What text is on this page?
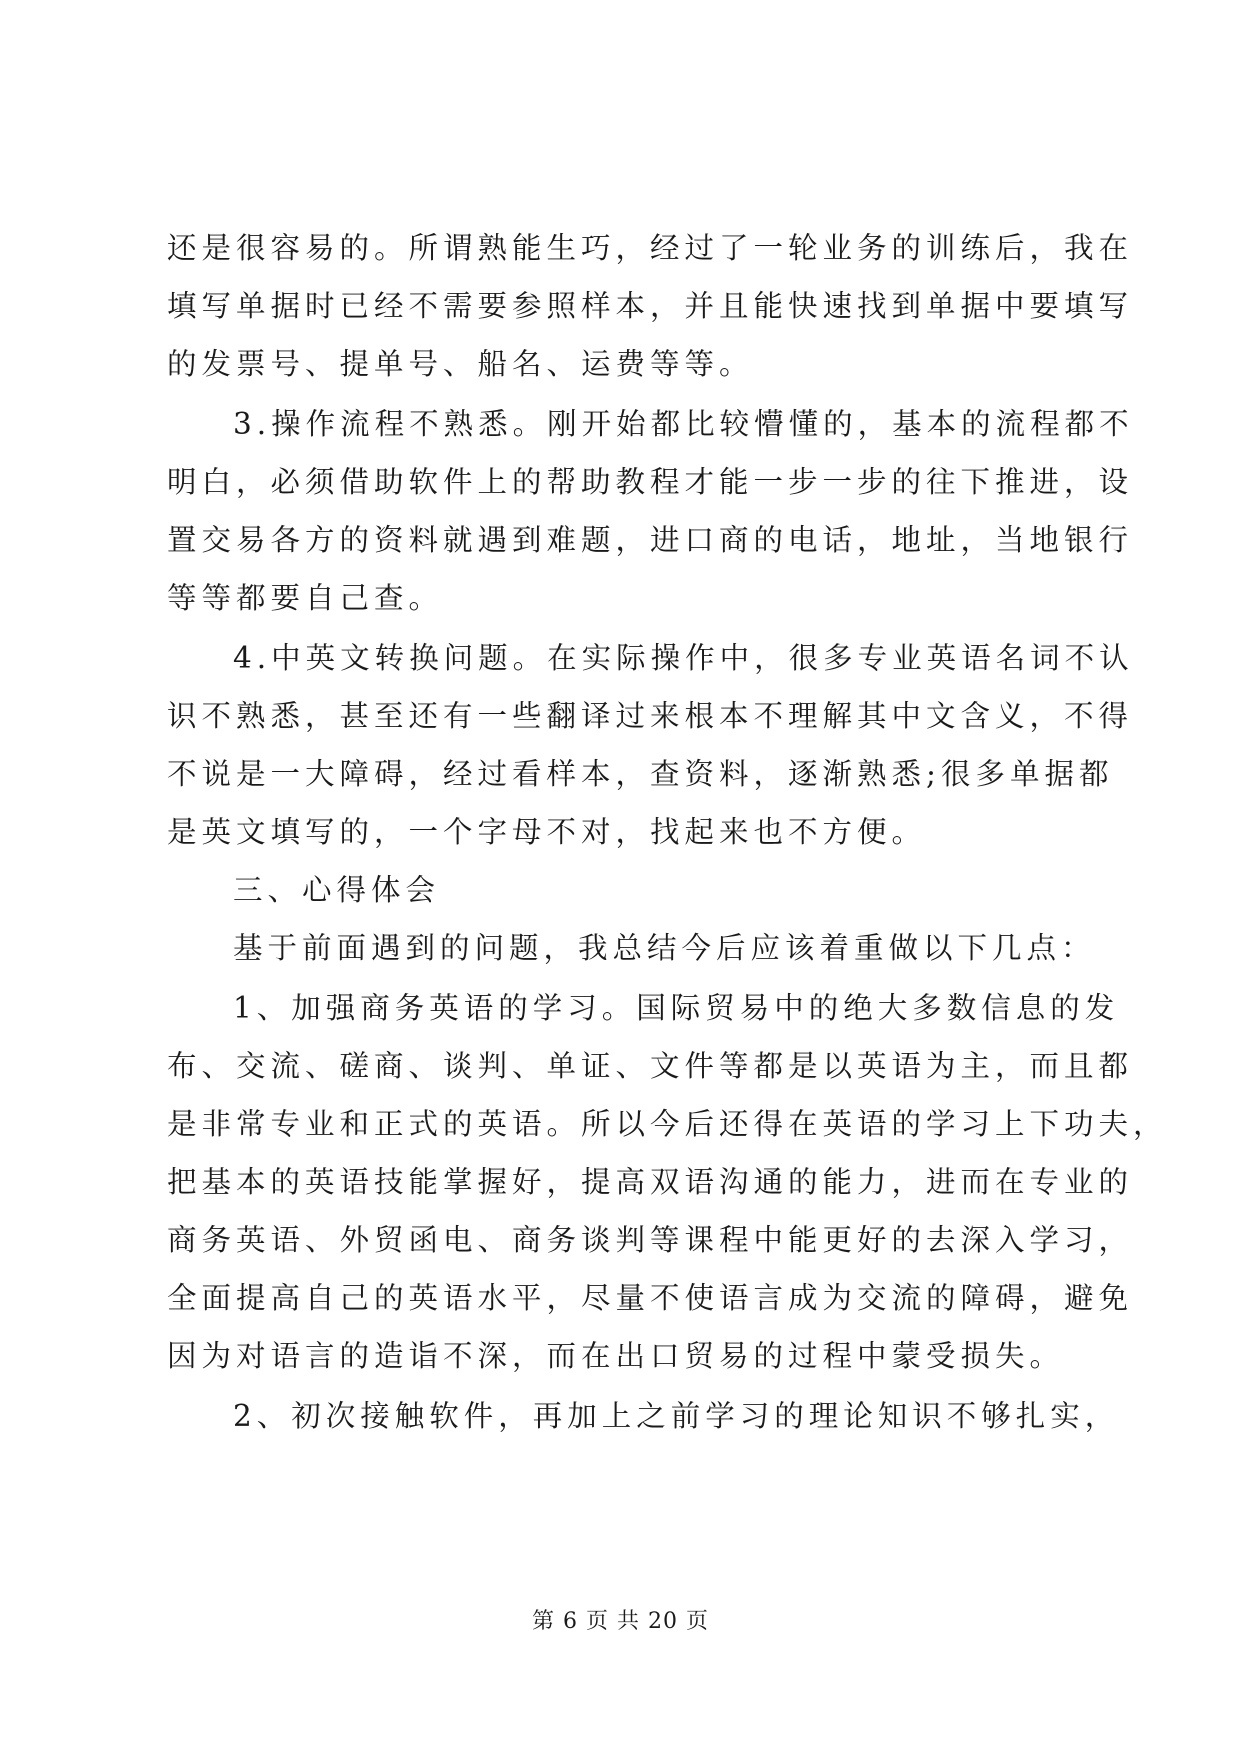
还是很容易的。所谓熟能生巧，经过了一轮业务的训练后，我在
填写单据时已经不需要参照样本，并且能快速找到单据中要填写
的发票号、提单号、船名、运费等等。
3.操作流程不熟悉。刚开始都比较懵懂的，基本的流程都不
明白，必须借助软件上的帮助教程才能一步一步的往下推进，设
置交易各方的资料就遇到难题，进口商的电话，地址，当地银行
等等都要自己查。
4.中英文转换问题。在实际操作中，很多专业英语名词不认
识不熟悉，甚至还有一些翻译过来根本不理解其中文含义，不得
不说是一大障碍，经过看样本，查资料，逐渐熟悉;很多单据都
是英文填写的，一个字母不对，找起来也不方便。
三、心得体会
基于前面遇到的问题，我总结今后应该着重做以下几点：
1、加强商务英语的学习。国际贸易中的绝大多数信息的发
布、交流、磋商、谈判、单证、文件等都是以英语为主，而且都
是非常专业和正式的英语。所以今后还得在英语的学习上下功夫，
把基本的英语技能掌握好，提高双语沟通的能力，进而在专业的
商务英语、外贸函电、商务谈判等课程中能更好的去深入学习，
全面提高自己的英语水平，尽量不使语言成为交流的障碍，避免
因为对语言的造诣不深，而在出口贸易的过程中蒙受损失。
2、初次接触软件，再加上之前学习的理论知识不够扎实，
第 6 页 共 20 页
